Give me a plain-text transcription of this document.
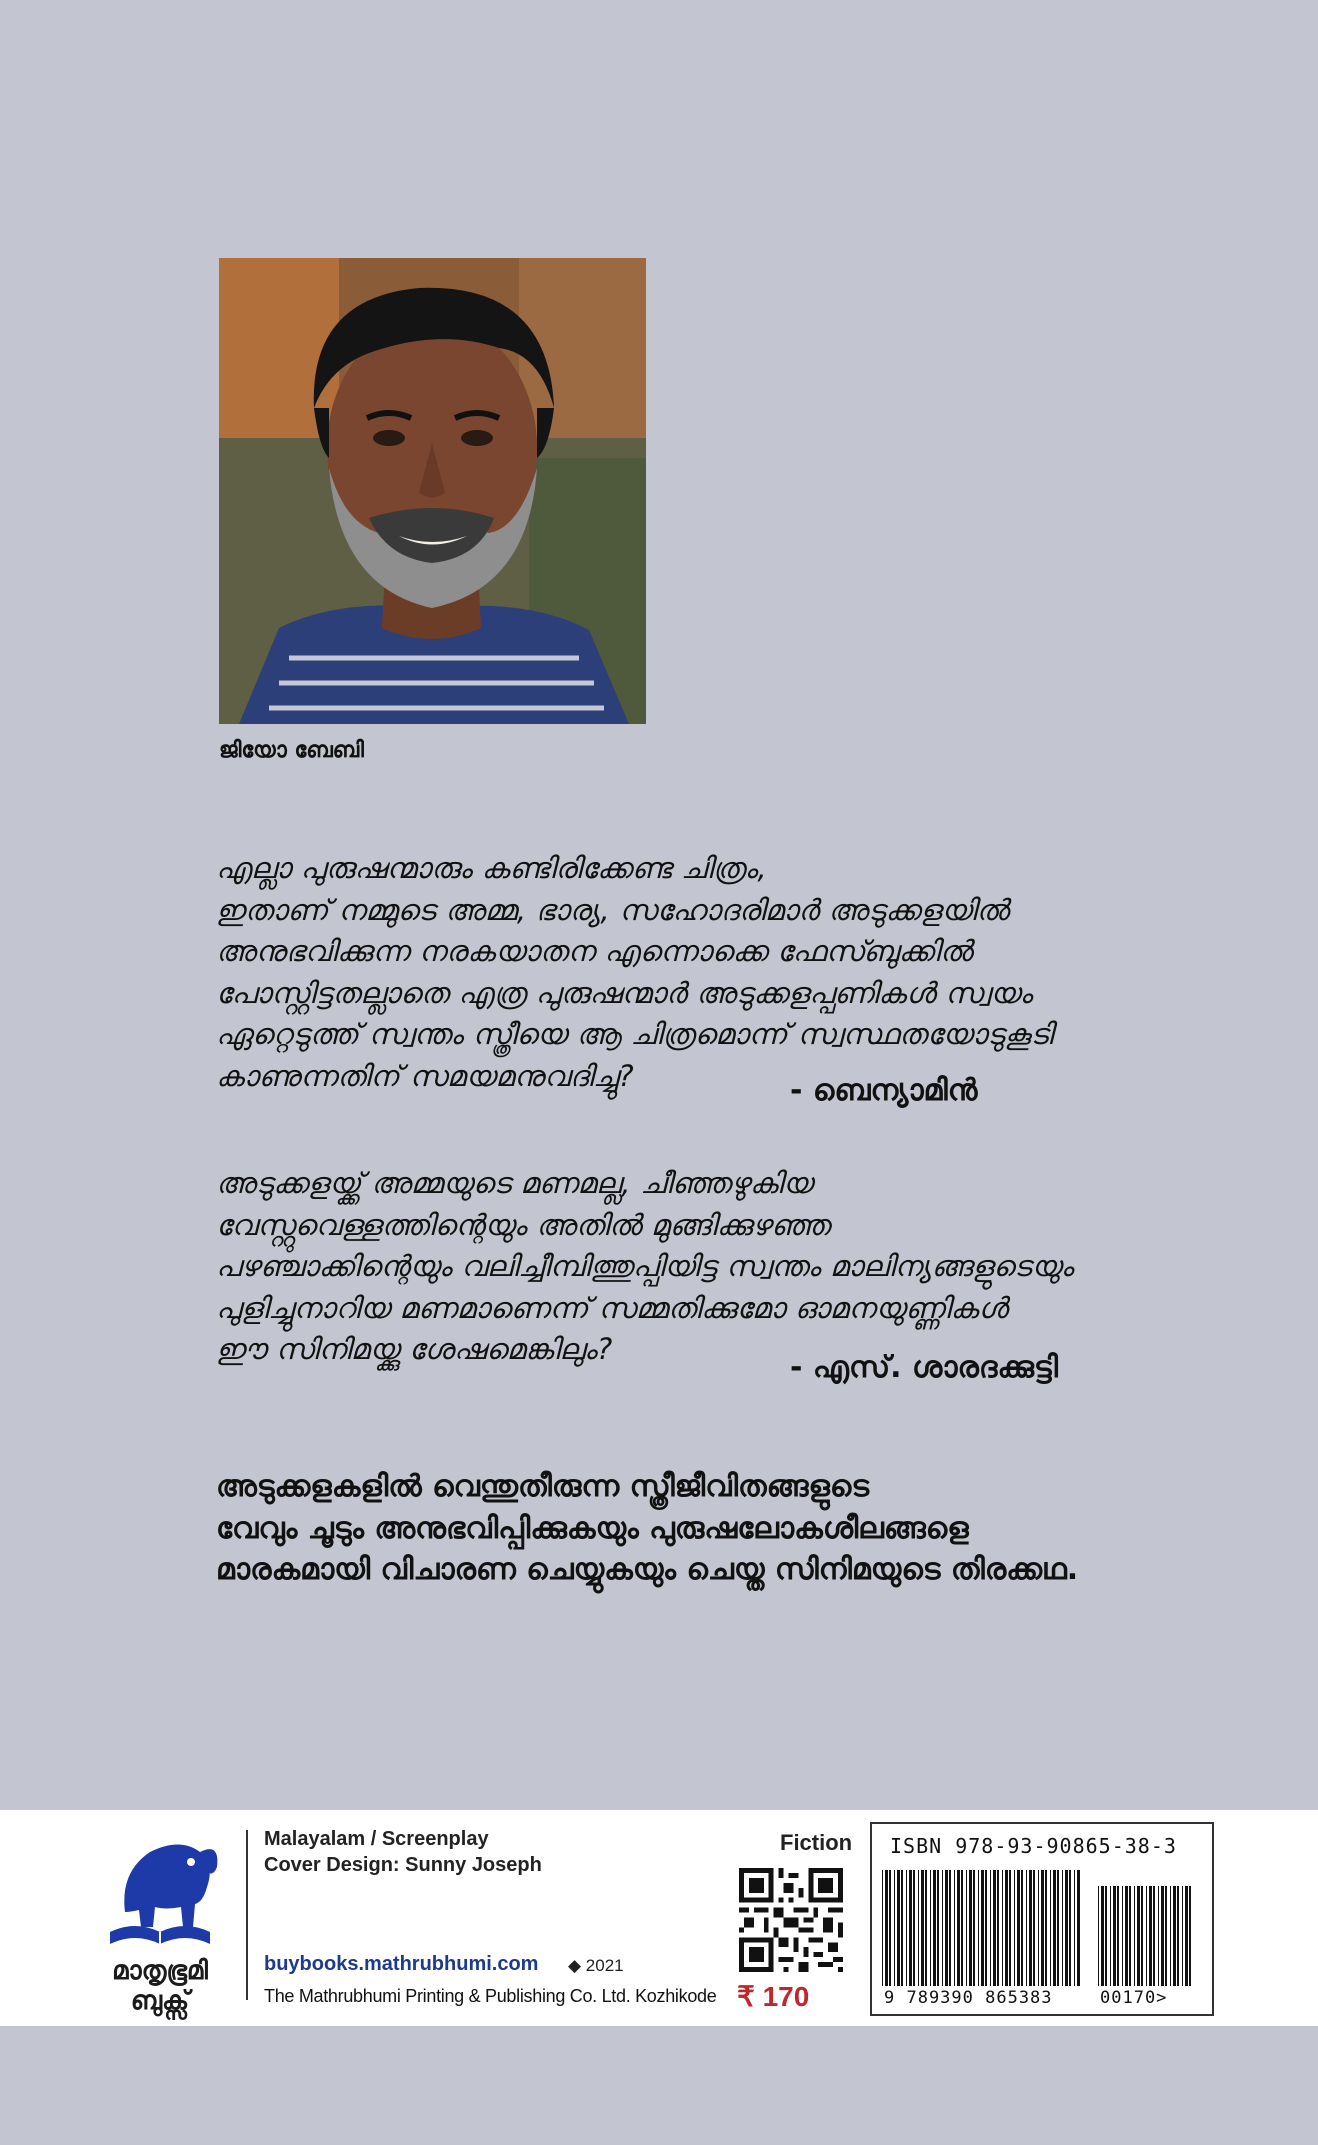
ജിയോ ബേബി
എല്ലാ പുരുഷന്മാരും കണ്ടിരിക്കേണ്ട ചിത്രം,
ഇതാണ് നമ്മുടെ അമ്മ, ഭാര്യ, സഹോദരിമാർ അടുക്കളയിൽ
അനുഭവിക്കുന്ന നരകയാതന എന്നൊക്കെ ഫേസ്ബുക്കിൽ
പോസ്റ്റിട്ടതല്ലാതെ എത്ര പുരുഷന്മാർ അടുക്കളപ്പണികൾ സ്വയം
ഏറ്റെടുത്ത് സ്വന്തം സ്ത്രീയെ ആ ചിത്രമൊന്ന് സ്വസ്ഥതയോടുകൂടി
കാണുന്നതിന് സമയമനുവദിച്ചു?	- ബെന്യാമിൻ
അടുക്കളയ്ക്ക് അമ്മയുടെ മണമല്ല, ചീഞ്ഞഴുകിയ
വേസ്റ്റുവെള്ളത്തിന്റെയും അതിൽ മുങ്ങിക്കുഴഞ്ഞ
പഴഞ്ചാക്കിന്റെയും വലിച്ചീമ്പിത്തുപ്പിയിട്ട സ്വന്തം മാലിന്യങ്ങളുടെയും
പുളിച്ചുനാറിയ മണമാണെന്ന് സമ്മതിക്കുമോ ഓമനയുണ്ണികൾ
ഈ സിനിമയ്ക്കു ശേഷമെങ്കിലും?
- എസ്. ശാരദക്കുട്ടി
അടുക്കളകളിൽ വെന്തുതീരുന്ന സ്ത്രീജീവിതങ്ങളുടെ
വേവും ചൂടും അനുഭവിപ്പിക്കുകയും പുരുഷലോകശീലങ്ങളെ
മാരകമായി വിചാരണ ചെയ്യുകയും ചെയ്ത സിനിമയുടെ തിരക്കഥ.
മാതൃഭൂമി
ബുക്സ്
Malayalam / Screenplay
Cover Design: Sunny Joseph
buybooks.mathrubhumi.com ◆ 2021
The Mathrubhumi Printing & Publishing Co. Ltd. Kozhikode
Fiction
₹ 170
ISBN 978-93-90865-38-3
9 789390 865383	00170>
